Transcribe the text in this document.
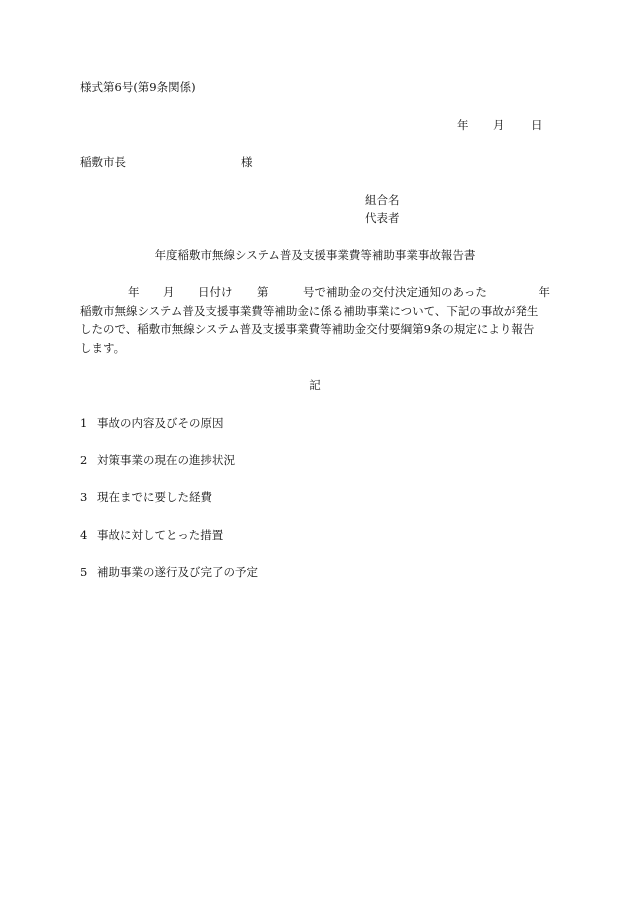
様式第6号(第9条関係)
年 月 日
稲敷市長	様
組合名
代表者
年度稲敷市無線システム普及支援事業費等補助事業事故報告書
年 月 日付け 第	号で補助金の交付決定通知のあった	年
稲敷市無線システム普及支援事業費等補助金に係る補助事業について、下記の事故が発生
したので、稲敷市無線システム普及支援事業費等補助金交付要綱第9条の規定により報告
します。
記
1 事故の内容及びその原因
2 対策事業の現在の進捗状況
3 現在までに要した経費
4 事故に対してとった措置
5 補助事業の遂行及び完了の予定
